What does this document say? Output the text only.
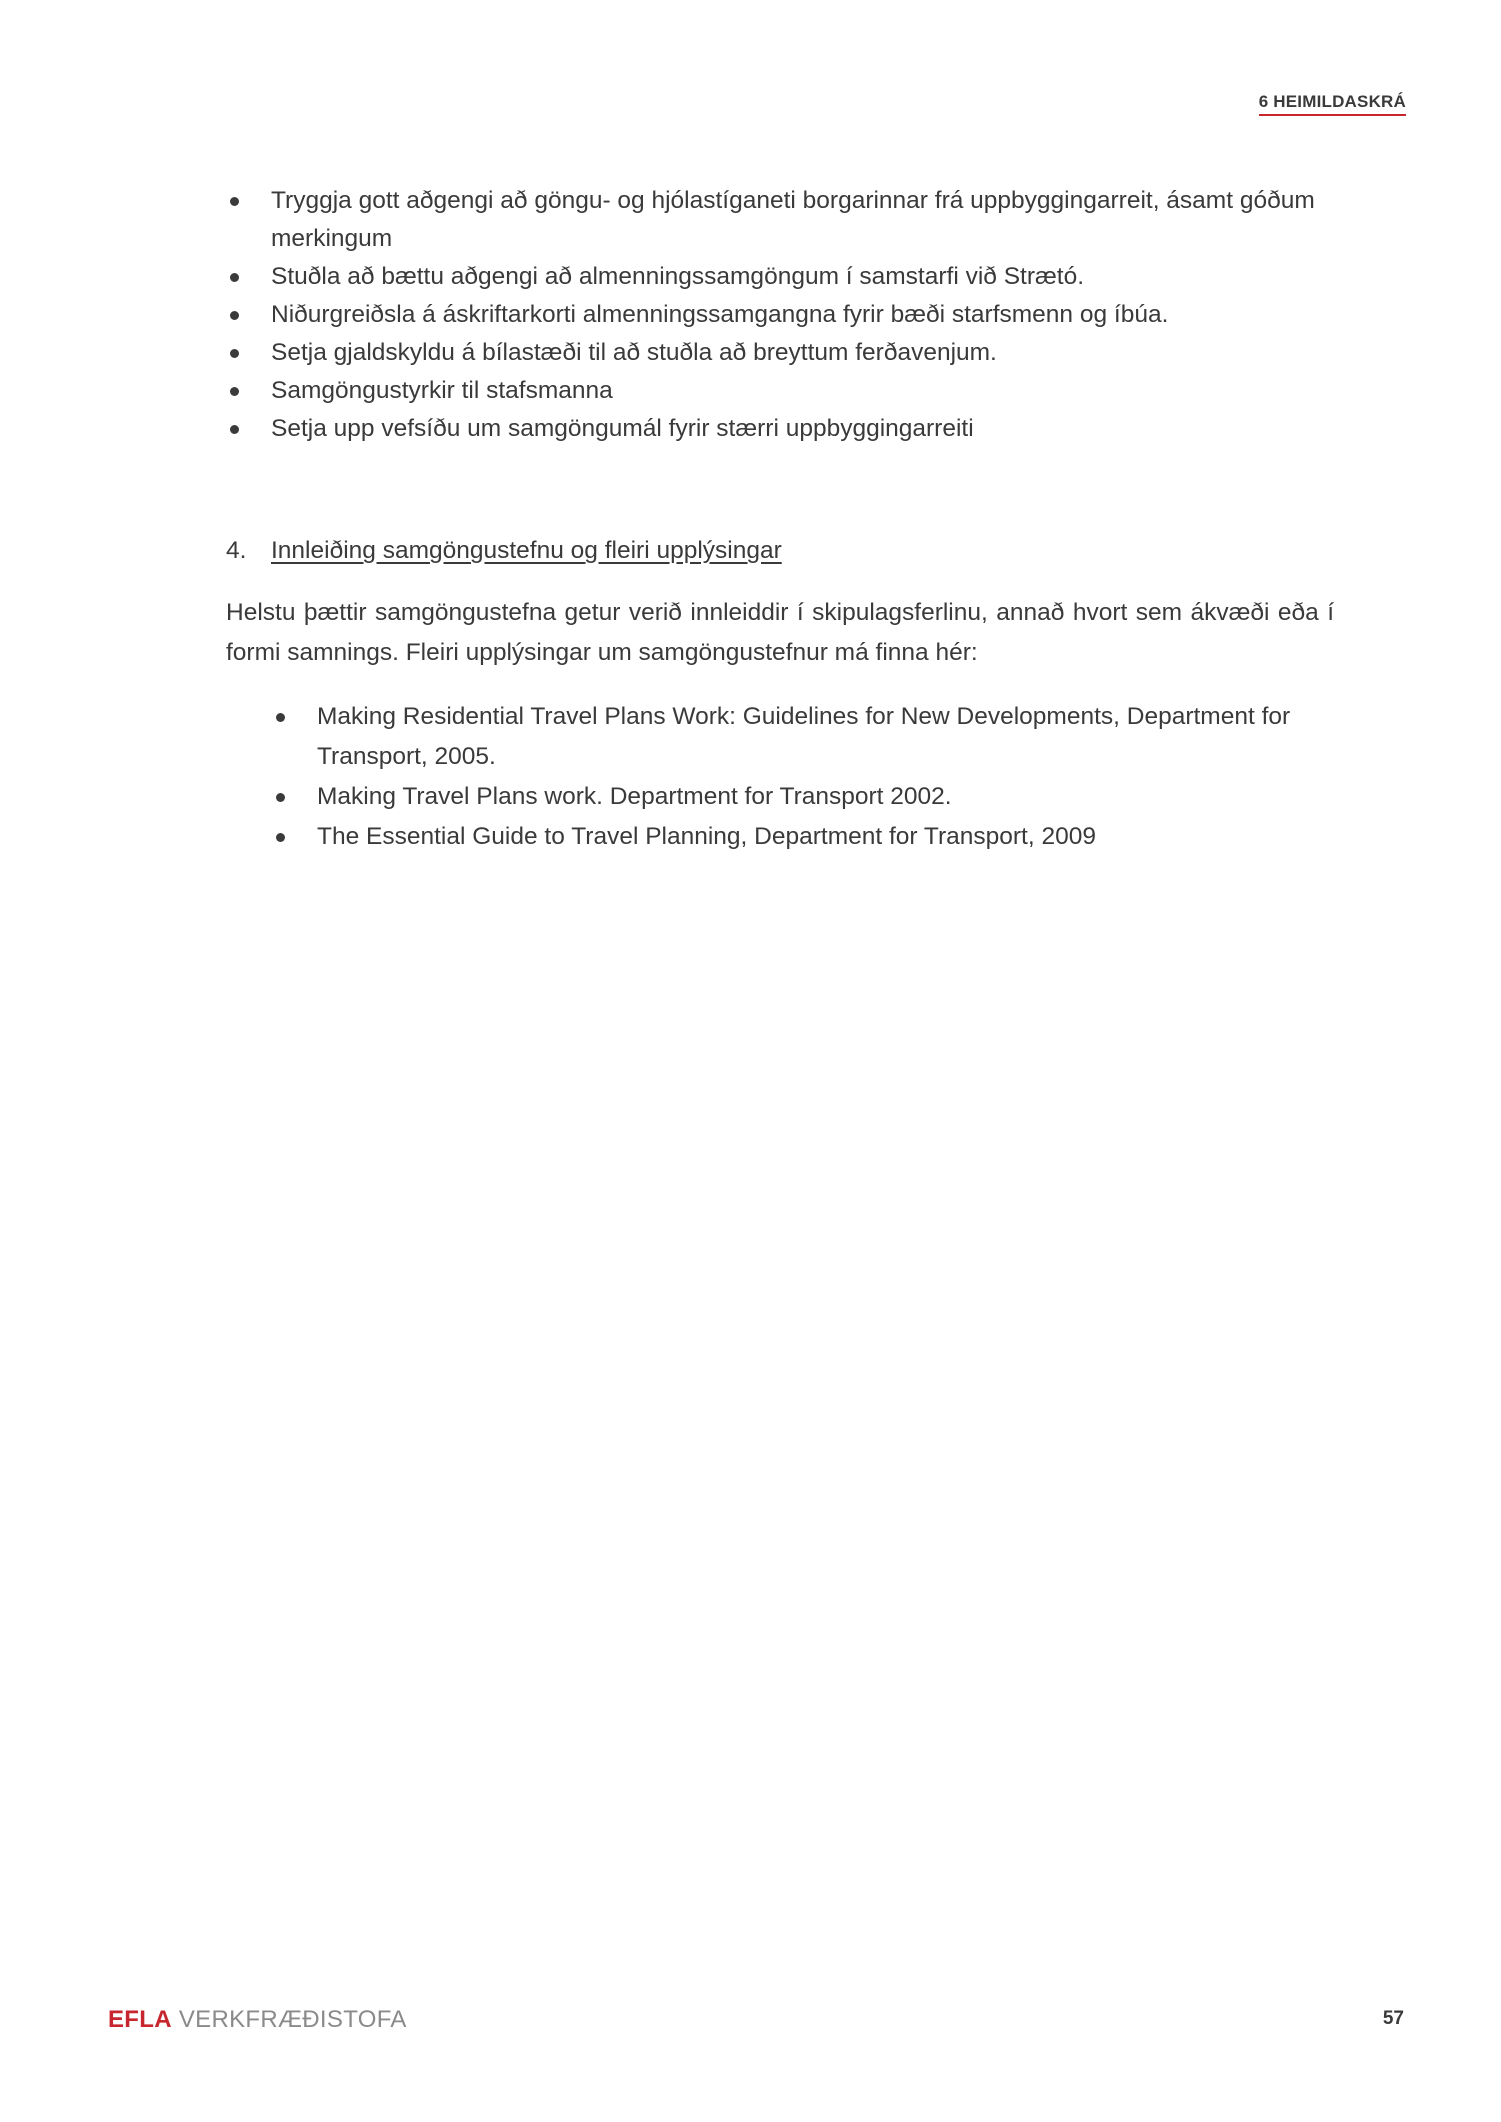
6 HEIMILDASKRÁ
Tryggja gott aðgengi að göngu- og hjólastíganeti borgarinnar frá uppbyggingarreit, ásamt góðum merkingum
Stuðla að bættu aðgengi að almenningssamgöngum í samstarfi við Strætó.
Niðurgreiðsla á áskriftarkorti almenningssamgangna fyrir bæði starfsmenn og íbúa.
Setja gjaldskyldu á bílastæði til að stuðla að breyttum ferðavenjum.
Samgöngustyrkir til stafsmanna
Setja upp vefsíðu um samgöngumál fyrir stærri uppbyggingarreiti
4. Innleiðing samgöngustefnu og fleiri upplýsingar

Helstu þættir samgöngustefna getur verið innleiddir í skipulagsferlinu, annað hvort sem ákvæði eða í formi samnings. Fleiri upplýsingar um samgöngustefnur má finna hér:

Making Residential Travel Plans Work: Guidelines for New Developments, Department for Transport, 2005.
Making Travel Plans work. Department for Transport 2002.
The Essential Guide to Travel Planning, Department for Transport, 2009
EFLA VERKFRÆÐISTOFA	57
